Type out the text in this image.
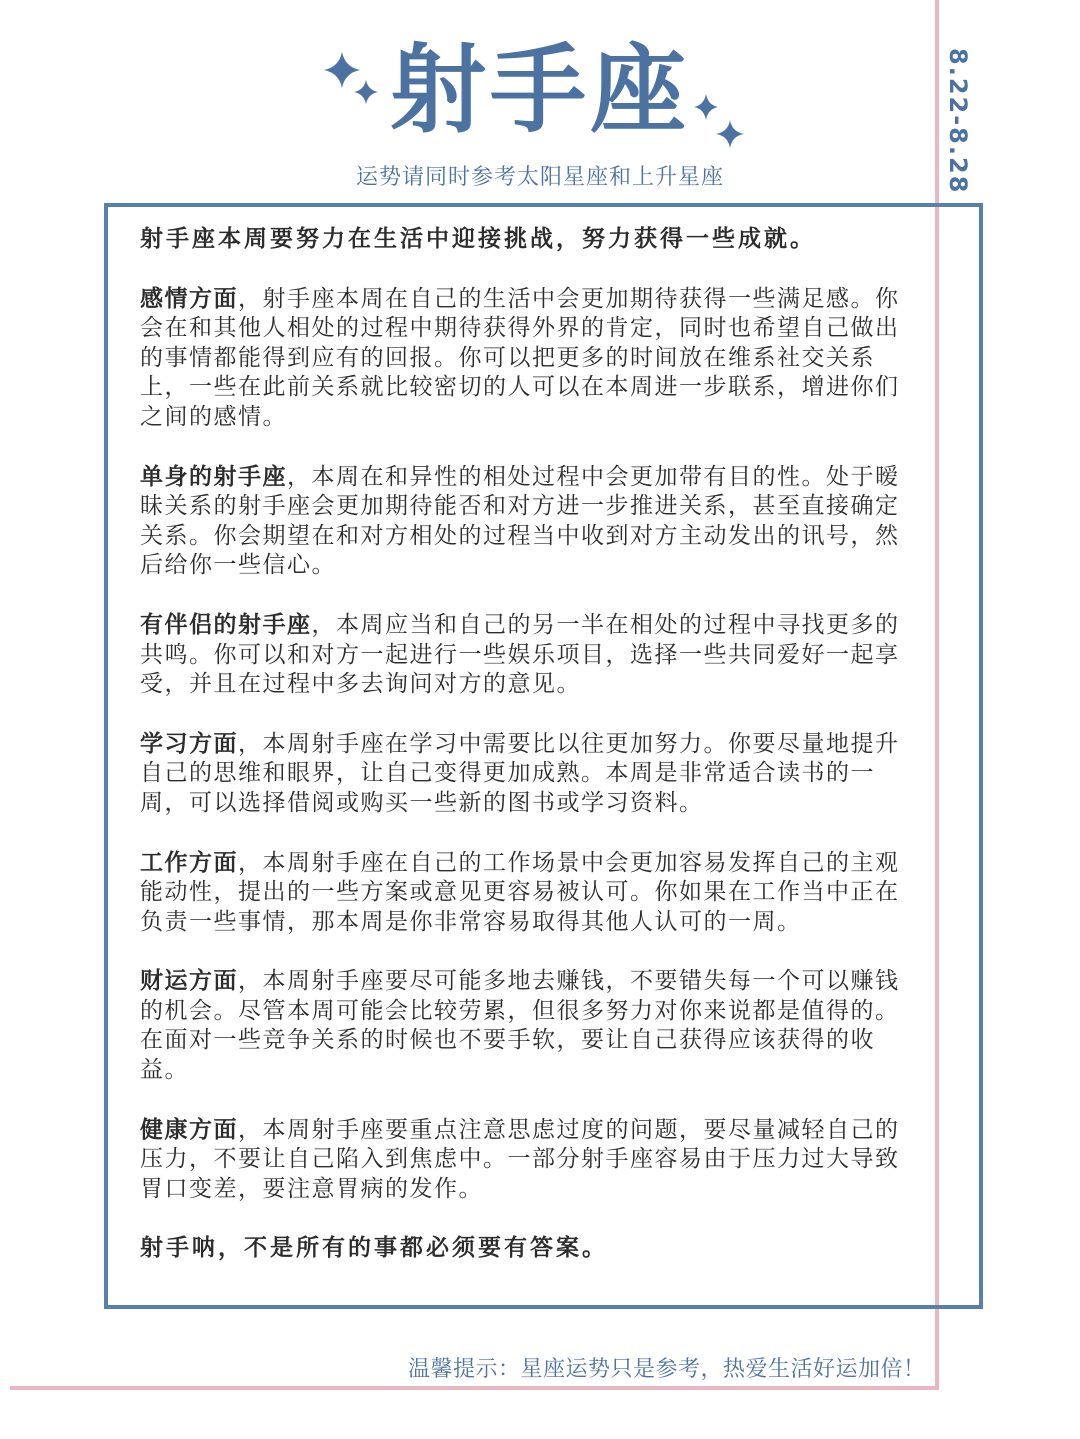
射手座
运势请同时参考太阳星座和上升星座	8.22-8.28

射手座本周要努力在生活中迎接挑战，努力获得一些成就。

感情方面，射手座本周在自己的生活中会更加期待获得一些满足感。你会在和其他人相处的过程中期待获得外界的肯定，同时也希望自己做出的事情都能得到应有的回报。你可以把更多的时间放在维系社交关系上，一些在此前关系就比较密切的人可以在本周进一步联系，增进你们之间的感情。

单身的射手座，本周在和异性的相处过程中会更加带有目的性。处于暧昧关系的射手座会更加期待能否和对方进一步推进关系，甚至直接确定关系。你会期望在和对方相处的过程当中收到对方主动发出的讯号，然后给你一些信心。

有伴侣的射手座，本周应当和自己的另一半在相处的过程中寻找更多的共鸣。你可以和对方一起进行一些娱乐项目，选择一些共同爱好一起享受，并且在过程中多去询问对方的意见。

学习方面，本周射手座在学习中需要比以往更加努力。你要尽量地提升自己的思维和眼界，让自己变得更加成熟。本周是非常适合读书的一周，可以选择借阅或购买一些新的图书或学习资料。

工作方面，本周射手座在自己的工作场景中会更加容易发挥自己的主观能动性，提出的一些方案或意见更容易被认可。你如果在工作当中正在负责一些事情，那本周是你非常容易取得其他人认可的一周。

财运方面，本周射手座要尽可能多地去赚钱，不要错失每一个可以赚钱的机会。尽管本周可能会比较劳累，但很多努力对你来说都是值得的。在面对一些竞争关系的时候也不要手软，要让自己获得应该获得的收益。

健康方面，本周射手座要重点注意思虑过度的问题，要尽量减轻自己的压力，不要让自己陷入到焦虑中。一部分射手座容易由于压力过大导致胃口变差，要注意胃病的发作。

射手呐，不是所有的事都必须要有答案。

温馨提示：星座运势只是参考，热爱生活好运加倍！
